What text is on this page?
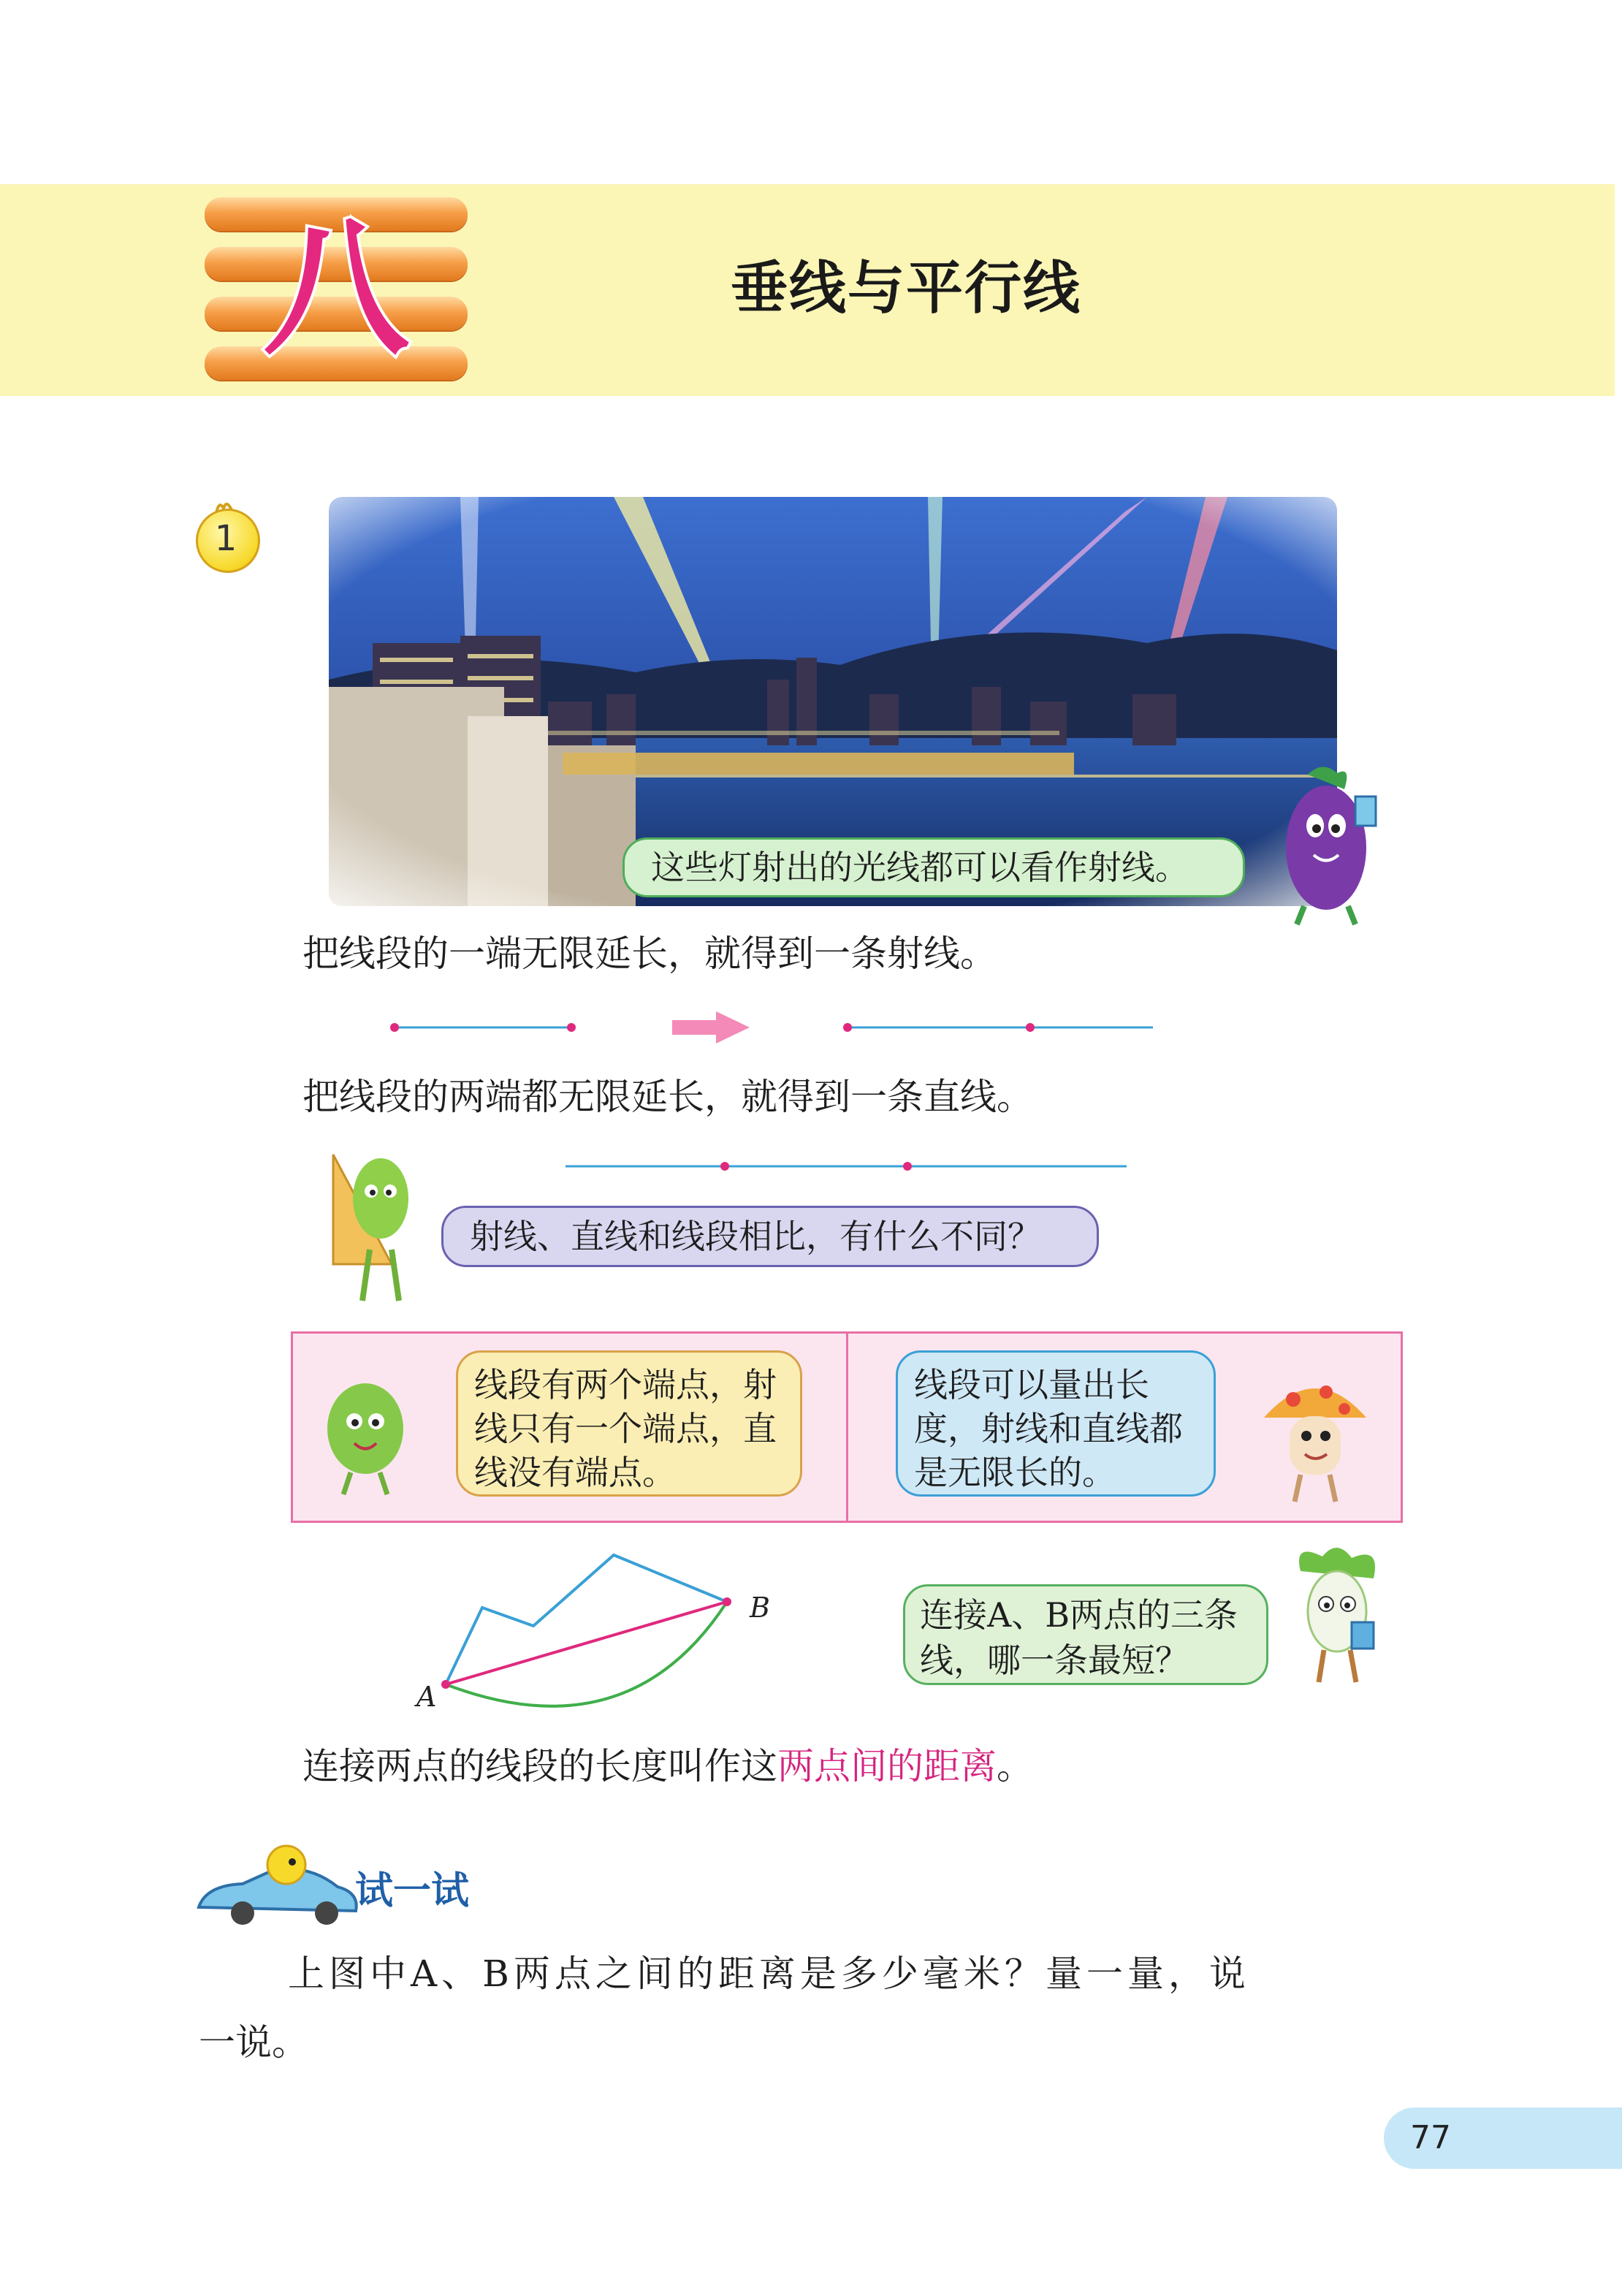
八	垂线与平行线
1
这些灯射出的光线都可以看作射线。
把线段的一端无限延长，就得到一条射线。
把线段的两端都无限延长，就得到一条直线。
射线、直线和线段相比，有什么不同？
线段有两个端点，射线只有一个端点，直线没有端点。
线段可以量出长度，射线和直线都是无限长的。
A
B	连接A、B两点的三条线，哪一条最短？
连接两点的线段的长度叫作这两点间的距离。
试一试
上图中A、B两点之间的距离是多少毫米？量一量，说
一说。
77
